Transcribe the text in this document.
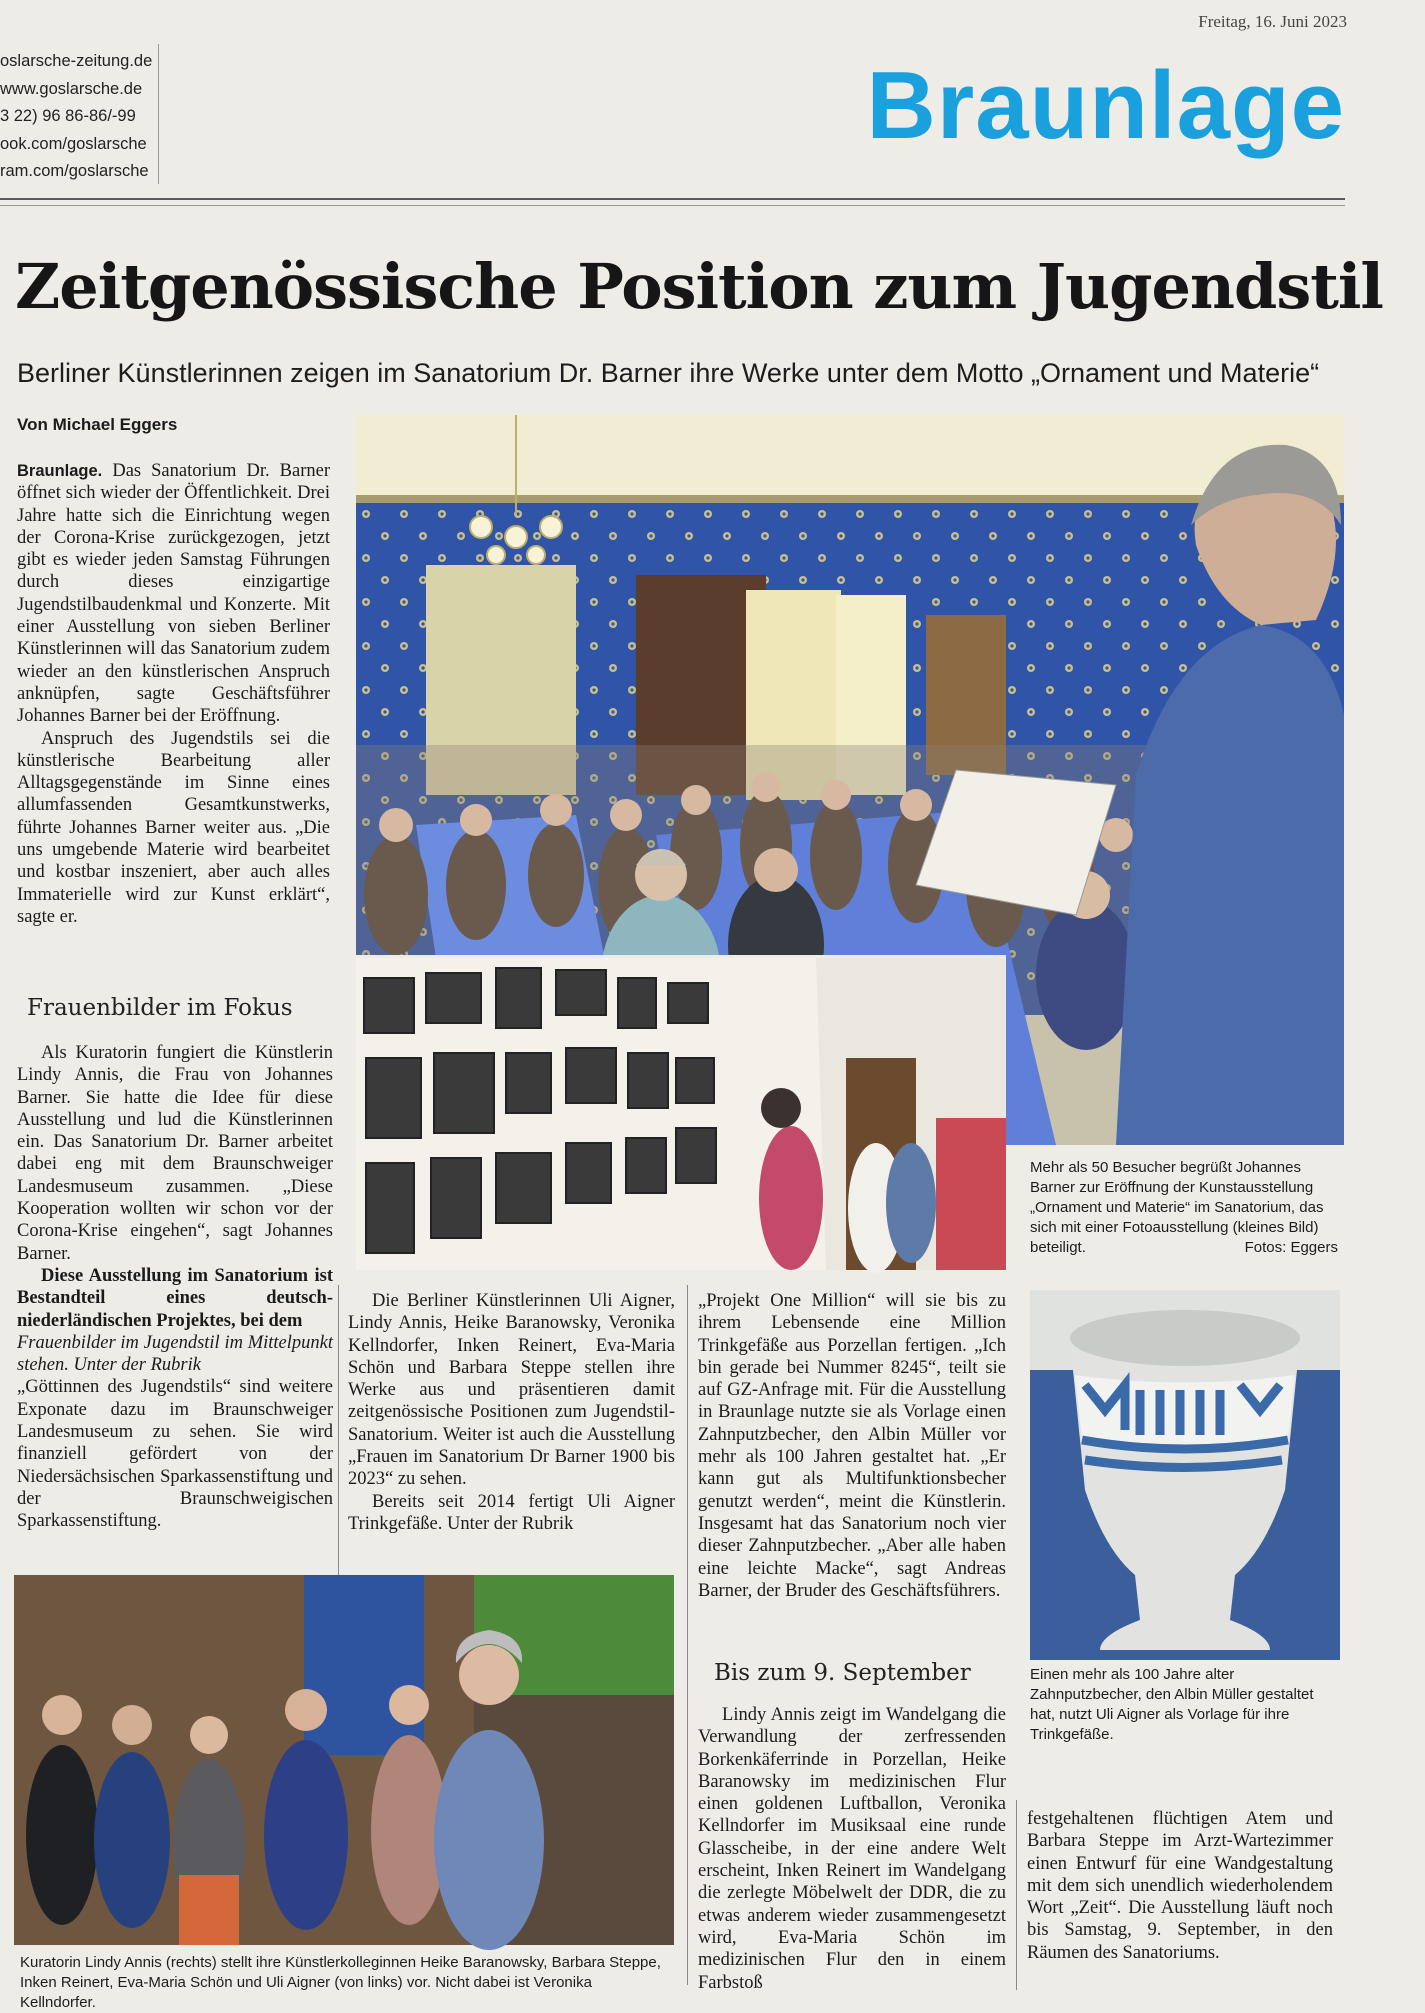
oslarsche-zeitung.de
www.goslarsche.de
3 22) 96 86-86/-99
ook.com/goslarsche
ram.com/goslarsche
Freitag, 16. Juni 2023
Braunlage
Zeitgenössische Position zum Jugendstil
Berliner Künstlerinnen zeigen im Sanatorium Dr. Barner ihre Werke unter dem Motto „Ornament und Materie“
Von Michael Eggers

Braunlage. Das Sanatorium Dr. Barner öffnet sich wieder der Öffentlichkeit. Drei Jahre hatte sich die Einrichtung wegen der Corona-Krise zurückgezogen, jetzt gibt es wieder jeden Samstag Führungen durch dieses einzigartige Jugendstilbaudenkmal und Konzerte. Mit einer Ausstellung von sieben Berliner Künstlerinnen will das Sanatorium zudem wieder an den künstlerischen Anspruch anknüpfen, sagte Geschäftsführer Johannes Barner bei der Eröffnung.

Anspruch des Jugendstils sei die künstlerische Bearbeitung aller Alltagsgegenstände im Sinne eines allumfassenden Gesamtkunstwerks, führte Johannes Barner weiter aus. „Die uns umgebende Materie wird bearbeitet und kostbar inszeniert, aber auch alles Immaterielle wird zur Kunst erklärt“, sagte er.

Frauenbilder im Fokus

Als Kuratorin fungiert die Künstlerin Lindy Annis, die Frau von Johannes Barner. Sie hatte die Idee für diese Ausstellung und lud die Künstlerinnen ein. Das Sanatorium Dr. Barner arbeitet dabei eng mit dem Braunschweiger Landesmuseum zusammen. „Diese Kooperation wollten wir schon vor der Corona-Krise eingehen“, sagt Johannes Barner.

Diese Ausstellung im Sanatorium ist Bestandteil eines deutsch-niederländischen Projektes, bei dem

Frauenbilder im Jugendstil im Mittelpunkt stehen. Unter der Rubrik

„Göttinnen des Jugendstils“ sind weitere Exponate dazu im Braunschweiger Landesmuseum zu sehen. Sie wird finanziell gefördert von der Niedersächsischen Sparkassenstiftung und der Braunschweigischen Sparkassenstiftung.

Die Berliner Künstlerinnen Uli Aigner, Lindy Annis, Heike Baranowsky, Veronika Kellndorfer, Inken Reinert, Eva-Maria Schön und Barbara Steppe stellen ihre Werke aus und präsentieren damit zeitgenössische Positionen zum Jugendstil-Sanatorium. Weiter ist auch die Ausstellung „Frauen im Sanatorium Dr Barner 1900 bis 2023“ zu sehen.

Bereits seit 2014 fertigt Uli Aigner Trinkgefäße. Unter der Rubrik

„Projekt One Million“ will sie bis zu ihrem Lebensende eine Million Trinkgefäße aus Porzellan fertigen. „Ich bin gerade bei Nummer 8245“, teilt sie auf GZ-Anfrage mit. Für die Ausstellung in Braunlage nutzte sie als Vorlage einen Zahnputzbecher, den Albin Müller vor mehr als 100 Jahren gestaltet hat. „Er kann gut als Multifunktionsbecher genutzt werden“, meint die Künstlerin. Insgesamt hat das Sanatorium noch vier dieser Zahnputzbecher. „Aber alle haben eine leichte Macke“, sagt Andreas Barner, der Bruder des Geschäftsführers.

Bis zum 9. September

Lindy Annis zeigt im Wandelgang die Verwandlung der zerfressenden Borkenkäferrinde in Porzellan, Heike Baranowsky im medizinischen Flur einen goldenen Luftballon, Veronika Kellndorfer im Musiksaal eine runde Glasscheibe, in der eine andere Welt erscheint, Inken Reinert im Wandelgang die zerlegte Möbelwelt der DDR, die zu etwas anderem wieder zusammengesetzt wird, Eva-Maria Schön im medizinischen Flur den in einem Farbstoß

festgehaltenen flüchtigen Atem und Barbara Steppe im Arzt-Wartezimmer einen Entwurf für eine Wandgestaltung mit dem sich unendlich wiederholendem Wort „Zeit“. Die Ausstellung läuft noch bis Samstag, 9. September, in den Räumen des Sanatoriums.

Mehr als 50 Besucher begrüßt Johannes Barner zur Eröffnung der Kunstausstellung „Ornament und Materie“ im Sanatorium, das sich mit einer Fotoausstellung (kleines Bild) beteiligt.	Fotos: Eggers
Einen mehr als 100 Jahre alter Zahnputzbecher, den Albin Müller gestaltet hat, nutzt Uli Aigner als Vorlage für ihre Trinkgefäße.
Kuratorin Lindy Annis (rechts) stellt ihre Künstlerkolleginnen Heike Baranowsky, Barbara Steppe, Inken Reinert, Eva-Maria Schön und Uli Aigner (von links) vor. Nicht dabei ist Veronika Kellndorfer.
